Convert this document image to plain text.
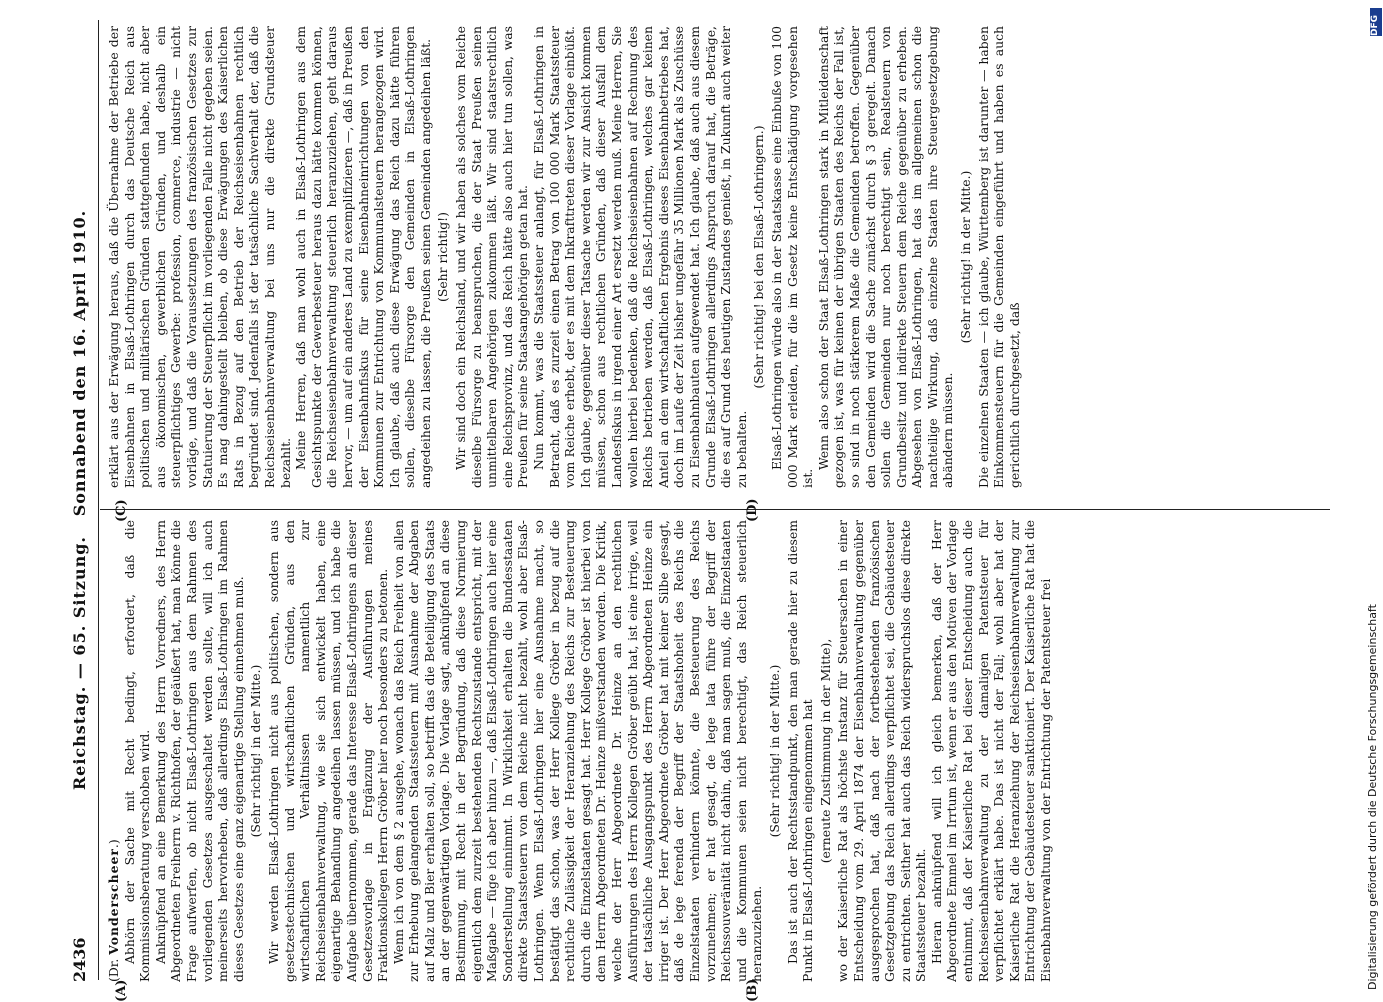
2436
Reichstag. — 65. Sitzung.   Sonnabend den 16. April 1910.
(A)	(B)
(C)	(D)

(Dr. Vonderscheer.) Abhörn der Sache mit Recht bedingt, erfordert, daß die Kommissionsberatung verschoben wird. Anknüpfend an eine Bemerkung des Herrn Vorredners, des Herrn Abgeordneten Freiherrn v. Richthofen, der geäußert hat, man könne die Frage aufwerfen, ob nicht Elsaß-Lothringen aus dem Rahmen des vorliegenden Gesetzes ausgeschaltet werden sollte, will ich auch meinerseits hervorheben, daß allerdings Elsaß-Lothringen im Rahmen dieses Gesetzes eine ganz eigenartige Stellung einnehmen muß. (Sehr richtig! in der Mitte.) Wir werden Elsaß-Lothringen nicht aus politischen, sondern aus gesetzestechnischen und wirtschaftlichen Gründen, aus den wirtschaftlichen Verhältnissen namentlich zur Reichseisenbahnverwaltung, wie sie sich entwickelt haben, eine eigenartige Behandlung angedeihen lassen müssen, und ich habe die Aufgabe übernommen, gerade das Interesse Elsaß-Lothringens an dieser Gesetzesvorlage in Ergänzung der Ausführungen meines Fraktionskollegen Herrn Gröber hier noch besonders zu betonen. Wenn ich von dem § 2 ausgehe, wonach das Reich Freiheit von allen zur Erhebung gelangenden Staatssteuern mit Ausnahme der Abgaben auf Malz und Bier erhalten soll, so betrifft das die Beteiligung des Staats an der gegenwärtigen Vorlage. Die Vorlage sagt, anknüpfend an diese Bestimmung, mit Recht in der Begründung, daß diese Normierung eigentlich dem zurzeit bestehenden Rechtszustande entspricht, mit der Maßgabe — füge ich aber hinzu —, daß Elsaß-Lothringen auch hier eine Sonderstellung einnimmt. In Wirklichkeit erhalten die Bundesstaaten direkte Staatssteuern von dem Reiche nicht bezahlt, wohl aber Elsaß-Lothringen. Wenn Elsaß-Lothringen hier eine Ausnahme macht, so bestätigt das schon, was der Herr Kollege Gröber in bezug auf die rechtliche Zulässigkeit der Heranziehung des Reichs zur Besteuerung durch die Einzelstaaten gesagt hat. Herr Kollege Gröber ist hierbei von dem Herrn Abgeordneten Dr. Heinze mißverstanden worden. Die Kritik, welche der Herr Abgeordnete Dr. Heinze an den rechtlichen Ausführungen des Herrn Kollegen Gröber geübt hat, ist eine irrige, weil der tatsächliche Ausgangspunkt des Herrn Abgeordneten Heinze ein irriger ist. Der Herr Abgeordnete Gröber hat mit keiner Silbe gesagt, daß de lege ferenda der Begriff der Staatshoheit des Reichs die Einzelstaaten verhindern könnte, die Besteuerung des Reichs vorzunehmen; er hat gesagt, de lege lata führe der Begriff der Reichssouveränität nicht dahin, daß man sagen muß, die Einzelstaaten und die Kommunen seien nicht berechtigt, das Reich steuerlich heranzuziehen.

(Sehr richtig! in der Mitte.) Das ist auch der Rechtsstandpunkt, den man gerade hier zu diesem Punkt in Elsaß-Lothringen eingenommen hat (erneute Zustimmung in der Mitte), wo der Kaiserliche Rat als höchste Instanz für Steuersachen in einer Entscheidung vom 29. April 1874 der Eisenbahnverwaltung gegenüber ausgesprochen hat, daß nach der fortbestehenden französischen Gesetzgebung das Reich allerdings verpflichtet sei, die Gebäudesteuer zu entrichten. Seither hat auch das Reich widerspruchslos diese direkte Staatssteuer bezahlt. Hieran anknüpfend will ich gleich bemerken, daß der Herr Abgeordnete Emmel im Irrtum ist, wenn er aus den Motiven der Vorlage entnimmt, daß der Kaiserliche Rat bei dieser Entscheidung auch die Reichseisenbahnverwaltung zu der damaligen Patentsteuer für verpflichtet erklärt habe. Das ist nicht der Fall; wohl aber hat der Kaiserliche Rat die Heranziehung der Reichseisenbahnverwaltung zur Entrichtung der Gebäudesteuer sanktioniert. Der Kaiserliche Rat hat die Eisenbahnverwaltung von der Entrichtung der Patentsteuer frei

erklärt aus der Erwägung heraus, daß die Übernahme der Betriebe der Eisenbahnen in Elsaß-Lothringen durch das Deutsche Reich aus politischen und militärischen Gründen stattgefunden habe, nicht aber aus ökonomischen, gewerblichen Gründen, und deshalb ein steuerpflichtiges Gewerbe: profession, commerce, industrie — nicht vorläge, und daß die Voraussetzungen des französischen Gesetzes zur Statuierung der Steuerpflicht im vorliegenden Falle nicht gegeben seien. Es mag dahingestellt bleiben, ob diese Erwägungen des Kaiserlichen Rats in Bezug auf den Betrieb der Reichseisenbahnen rechtlich begründet sind. Jedenfalls ist der tatsächliche Sachverhalt der, daß die Reichseisenbahnverwaltung bei uns nur die direkte Grundsteuer bezahlt. Meine Herren, daß man wohl auch in Elsaß-Lothringen aus dem Gesichtspunkte der Gewerbesteuer heraus dazu hätte kommen können, die Reichseisenbahnverwaltung steuerlich heranzuziehen, geht daraus hervor, — um auf ein anderes Land zu exemplifizieren —, daß in Preußen der Eisenbahnfiskus für seine Eisenbahneinrichtungen von den Kommunen zur Entrichtung von Kommunalsteuern herangezogen wird. Ich glaube, daß auch diese Erwägung das Reich dazu hätte führen sollen, dieselbe Fürsorge den Gemeinden in Elsaß-Lothringen angedeihen zu lassen, die Preußen seinen Gemeinden angedeihen läßt. (Sehr richtig!) Wir sind doch ein Reichsland, und wir haben als solches vom Reiche dieselbe Fürsorge zu beanspruchen, die der Staat Preußen seinen unmittelbaren Angehörigen zukommen läßt. Wir sind staatsrechtlich eine Reichsprovinz, und das Reich hätte also auch hier tun sollen, was Preußen für seine Staatsangehörigen getan hat. Nun kommt, was die Staatssteuer anlangt, für Elsaß-Lothringen in Betracht, daß es zurzeit einen Betrag von 100 000 Mark Staatssteuer vom Reiche erhebt, der es mit dem Inkrafttreten dieser Vorlage einbüßt. Ich glaube, gegenüber dieser Tatsache werden wir zur Ansicht kommen müssen, schon aus rechtlichen Gründen, daß dieser Ausfall dem Landesfiskus in irgend einer Art ersetzt werden muß. Meine Herren, Sie wollen hierbei bedenken, daß die Reichseisenbahnen auf Rechnung des Reichs betrieben werden, daß Elsaß-Lothringen, welches gar keinen Anteil an dem wirtschaftlichen Ergebnis dieses Eisenbahnbetriebes hat, doch im Laufe der Zeit bisher ungefähr 35 Millionen Mark als Zuschüsse zu Eisenbahnbauten aufgewendet hat. Ich glaube, daß auch aus diesem Grunde Elsaß-Lothringen allerdings Anspruch darauf hat, die Beträge, die es auf Grund des heutigen Zustandes genießt, in Zukunft auch weiter zu behalten.

(Sehr richtig! bei den Elsaß-Lothringern.) Elsaß-Lothringen würde also in der Staatskasse eine Einbuße von 100 000 Mark erleiden, für die im Gesetz keine Entschädigung vorgesehen ist.

Wenn also schon der Staat Elsaß-Lothringen stark in Mitleidenschaft gezogen ist, was für keinen der übrigen Staaten des Reichs der Fall ist, so sind in noch stärkerem Maße die Gemeinden betroffen. Gegenüber den Gemeinden wird die Sache zunächst durch § 3 geregelt. Danach sollen die Gemeinden nur noch berechtigt sein, Realsteuern von Grundbesitz und indirekte Steuern dem Reiche gegenüber zu erheben. Abgesehen von Elsaß-Lothringen, hat das im allgemeinen schon die nachteilige Wirkung, daß einzelne Staaten ihre Steuergesetzgebung abändern müssen.

(Sehr richtig! in der Mitte.) Die einzelnen Staaten — ich glaube, Württemberg ist darunter — haben Einkommensteuern für die Gemeinden eingeführt und haben es auch gerichtlich durchgesetzt, daß

Digitalisierung gefördert durch die Deutsche Forschungsgemeinschaft
DFG
